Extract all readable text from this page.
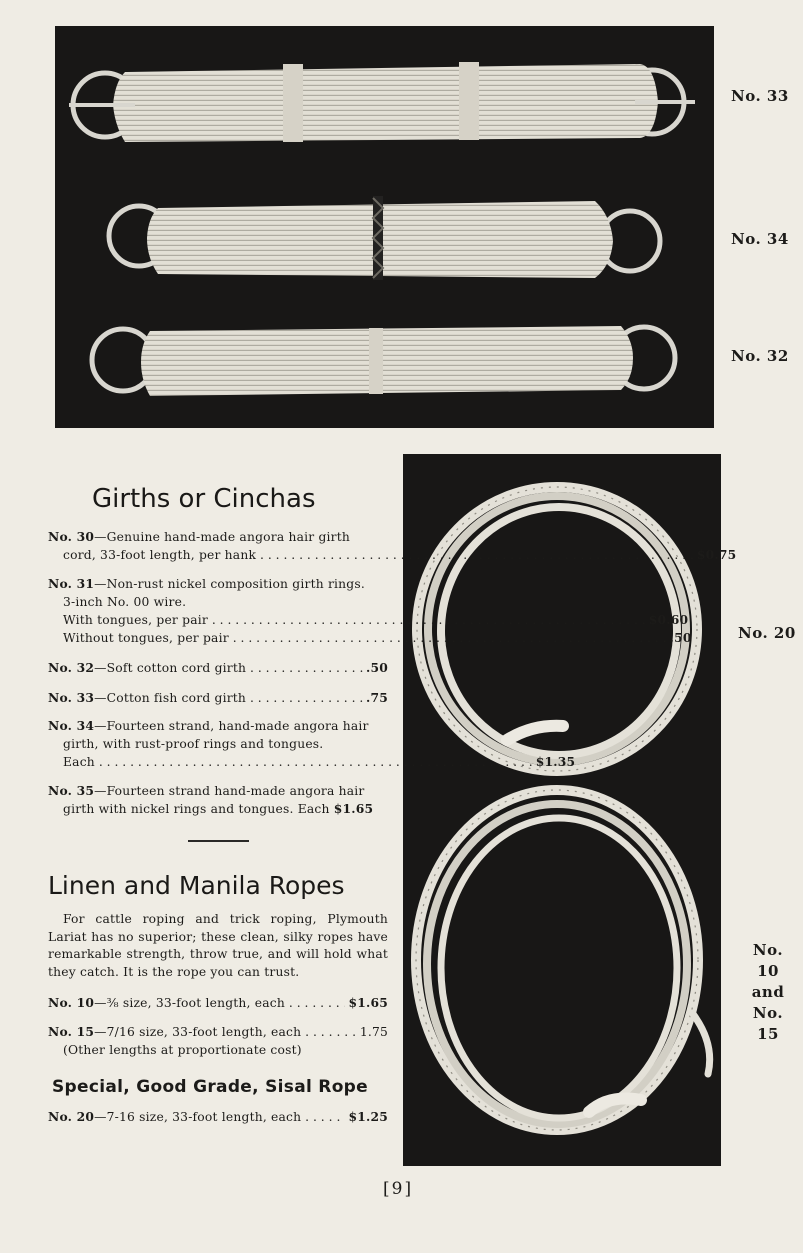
No. 33
No. 34
No. 32
No. 20
No. 10
and
No. 15
Girths or Cinchas
No. 30—Genuine hand-made angora hair girth
cord, 33-foot length, per hank . . .	$0.75
No. 31—Non-rust nickel composition girth rings.
3-inch No. 00 wire.
With tongues, per pair . . .	$0.60
Without tongues, per pair . . .	.50
No. 32—Soft cotton cord girth . . .	.50
No. 33—Cotton fish cord girth . . .	.75
No. 34—Fourteen strand, hand-made angora hair
girth, with rust-proof rings and tongues.
Each . . .	$1.35
No. 35—Fourteen strand hand-made angora hair
girth with nickel rings and tongues. Each $1.65
Linen and Manila Ropes

For cattle roping and trick roping, Plymouth Lariat has no superior; these clean, silky ropes have remarkable strength, throw true, and will hold what they catch. It is the rope you can trust.

No. 10—⅜ size, 33-foot length, each . . .	$1.65
No. 15—7/16 size, 33-foot length, each . . .	1.75
(Other lengths at proportionate cost)
Special, Good Grade, Sisal Rope
No. 20—7-16 size, 33-foot length, each . . .	$1.25
[9]
